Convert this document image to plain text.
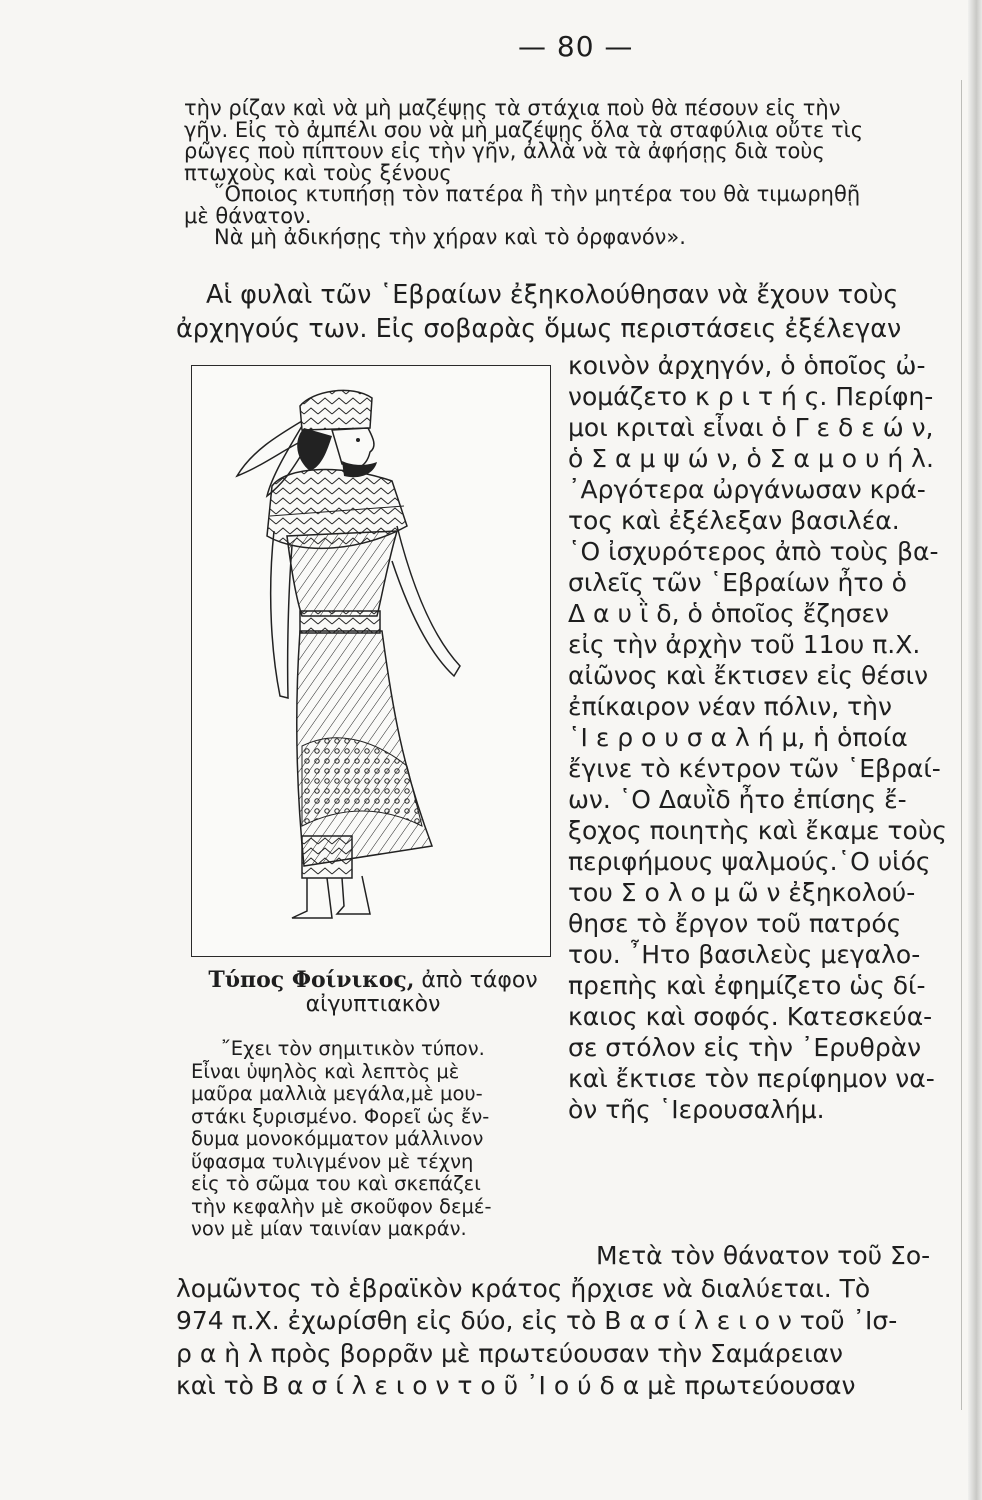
— 80 —

τὴν ρίζαν καὶ νὰ μὴ μαζέψῃς τὰ στάχια ποὺ θὰ πέσουν εἰς τὴν

γῆν. Εἰς τὸ ἀμπέλι σου νὰ μὴ μαζέψῃς ὅλα τὰ σταφύλια οὔτε τὶς

ρῶγες ποὺ πίπτουν εἰς τὴν γῆν, ἀλλὰ νὰ τὰ ἀφήσῃς διὰ τοὺς

πτωχοὺς καὶ τοὺς ξένους

῞Οποιος κτυπήσῃ τὸν πατέρα ἢ τὴν μητέρα του θὰ τιμωρηθῇ

μὲ θάνατον.

Νὰ μὴ ἀδικήσῃς τὴν χήραν καὶ τὸ ὀρφανόν».

Αἱ φυλαὶ τῶν ῾Εβραίων ἐξηκολούθησαν νὰ ἔχουν τοὺς

ἀρχηγούς των. Εἰς σοβαρὰς ὅμως περιστάσεις ἐξέλεγαν

Τύπος Φοίνικος, ἀπὸ τάφον
αἰγυπτιακὸν

῎Εχει τὸν σημιτικὸν τύπον.

Εἶναι ὑψηλὸς καὶ λεπτὸς μὲ

μαῦρα μαλλιὰ μεγάλα,μὲ μου-

στάκι ξυρισμένο. Φορεῖ ὡς ἔν-

δυμα μονοκόμματον μάλλινον

ὕφασμα τυλιγμένον μὲ τέχνη

εἰς τὸ σῶμα του καὶ σκεπάζει

τὴν κεφαλὴν μὲ σκοῦφον δεμέ-

νον μὲ μίαν ταινίαν μακράν.

κοινὸν ἀρχηγόν, ὁ ὁποῖος ὠ-

νομάζετο κ ρ ι τ ή ς. Περίφη-

μοι κριταὶ εἶναι ὁ Γ ε δ ε ώ ν,

ὁ Σ α μ ψ ώ ν, ὁ Σ α μ ο υ ή λ.

᾿Αργότερα ὠργάνωσαν κρά-

τος καὶ ἐξέλεξαν βασιλέα.

῾Ο ἰσχυρότερος ἀπὸ τοὺς βα-

σιλεῖς τῶν ῾Εβραίων ἦτο ὁ

Δ α υ ῒ δ, ὁ ὁποῖος ἔζησεν

εἰς τὴν ἀρχὴν τοῦ 11ου π.Χ.

αἰῶνος καὶ ἔκτισεν εἰς θέσιν

ἐπίκαιρον νέαν πόλιν, τὴν

῾Ι ε ρ ο υ σ α λ ή μ, ἡ ὁποία

ἔγινε τὸ κέντρον τῶν ῾Εβραί-

ων. ῾Ο Δαυῒδ ἦτο ἐπίσης ἔ-

ξοχος ποιητὴς καὶ ἔκαμε τοὺς

περιφήμους ψαλμούς.῾Ο υἱός

του Σ ο λ ο μ ῶ ν ἐξηκολού-

θησε τὸ ἔργον τοῦ πατρός

του. ῏Ητο βασιλεὺς μεγαλο-

πρεπὴς καὶ ἐφημίζετο ὡς δί-

καιος καὶ σοφός. Κατεσκεύα-

σε στόλον εἰς τὴν ᾿Ερυθρὰν

καὶ ἔκτισε τὸν περίφημον να-

ὸν τῆς ῾Ιερουσαλήμ.

Μετὰ τὸν θάνατον τοῦ Σο-

λομῶντος τὸ ἑβραϊκὸν κράτος ἤρχισε νὰ διαλύεται. Τὸ

974 π.Χ. ἐχωρίσθη εἰς δύο, εἰς τὸ Β α σ ί λ ε ι ο ν τοῦ ᾿Ισ-

ρ α ὴ λ πρὸς βορρᾶν μὲ πρωτεύουσαν τὴν Σαμάρειαν

καὶ τὸ Β α σ ί λ ε ι ο ν τ ο ῦ ᾿Ι ο ύ δ α μὲ πρωτεύουσαν
